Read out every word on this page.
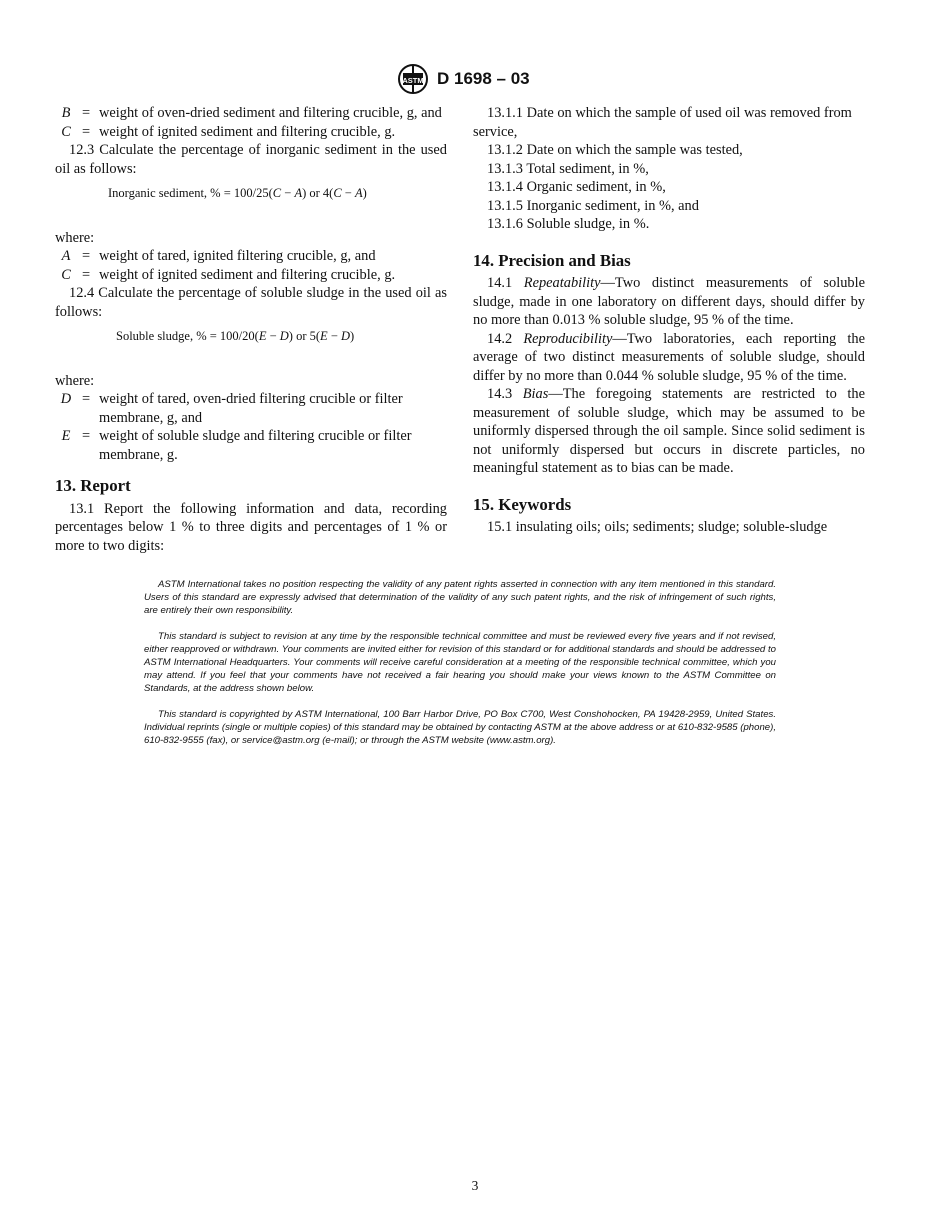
ASTM D 1698 – 03
B = weight of oven-dried sediment and filtering crucible, g, and
C = weight of ignited sediment and filtering crucible, g.

12.3 Calculate the percentage of inorganic sediment in the used oil as follows:

Inorganic sediment, % = 100/25(C − A) or 4(C − A)

where:

A = weight of tared, ignited filtering crucible, g, and
C = weight of ignited sediment and filtering crucible, g.

12.4 Calculate the percentage of soluble sludge in the used oil as follows:

Soluble sludge, % = 100/20(E − D) or 5(E − D)

where:

D = weight of tared, oven-dried filtering crucible or filter membrane, g, and
E = weight of soluble sludge and filtering crucible or filter membrane, g.
13. Report

13.1 Report the following information and data, recording percentages below 1 % to three digits and percentages of 1 % or more to two digits:

13.1.1 Date on which the sample of used oil was removed from service,

13.1.2 Date on which the sample was tested,

13.1.3 Total sediment, in %,

13.1.4 Organic sediment, in %,

13.1.5 Inorganic sediment, in %, and

13.1.6 Soluble sludge, in %.

14. Precision and Bias

14.1 Repeatability—Two distinct measurements of soluble sludge, made in one laboratory on different days, should differ by no more than 0.013 % soluble sludge, 95 % of the time.

14.2 Reproducibility—Two laboratories, each reporting the average of two distinct measurements of soluble sludge, should differ by no more than 0.044 % soluble sludge, 95 % of the time.

14.3 Bias—The foregoing statements are restricted to the measurement of soluble sludge, which may be assumed to be uniformly dispersed through the oil sample. Since solid sediment is not uniformly dispersed but occurs in discrete particles, no meaningful statement as to bias can be made.

15. Keywords

15.1 insulating oils; oils; sediments; sludge; soluble-sludge

ASTM International takes no position respecting the validity of any patent rights asserted in connection with any item mentioned in this standard. Users of this standard are expressly advised that determination of the validity of any such patent rights, and the risk of infringement of such rights, are entirely their own responsibility.

This standard is subject to revision at any time by the responsible technical committee and must be reviewed every five years and if not revised, either reapproved or withdrawn. Your comments are invited either for revision of this standard or for additional standards and should be addressed to ASTM International Headquarters. Your comments will receive careful consideration at a meeting of the responsible technical committee, which you may attend. If you feel that your comments have not received a fair hearing you should make your views known to the ASTM Committee on Standards, at the address shown below.

This standard is copyrighted by ASTM International, 100 Barr Harbor Drive, PO Box C700, West Conshohocken, PA 19428-2959, United States. Individual reprints (single or multiple copies) of this standard may be obtained by contacting ASTM at the above address or at 610-832-9585 (phone), 610-832-9555 (fax), or service@astm.org (e-mail); or through the ASTM website (www.astm.org).

3
